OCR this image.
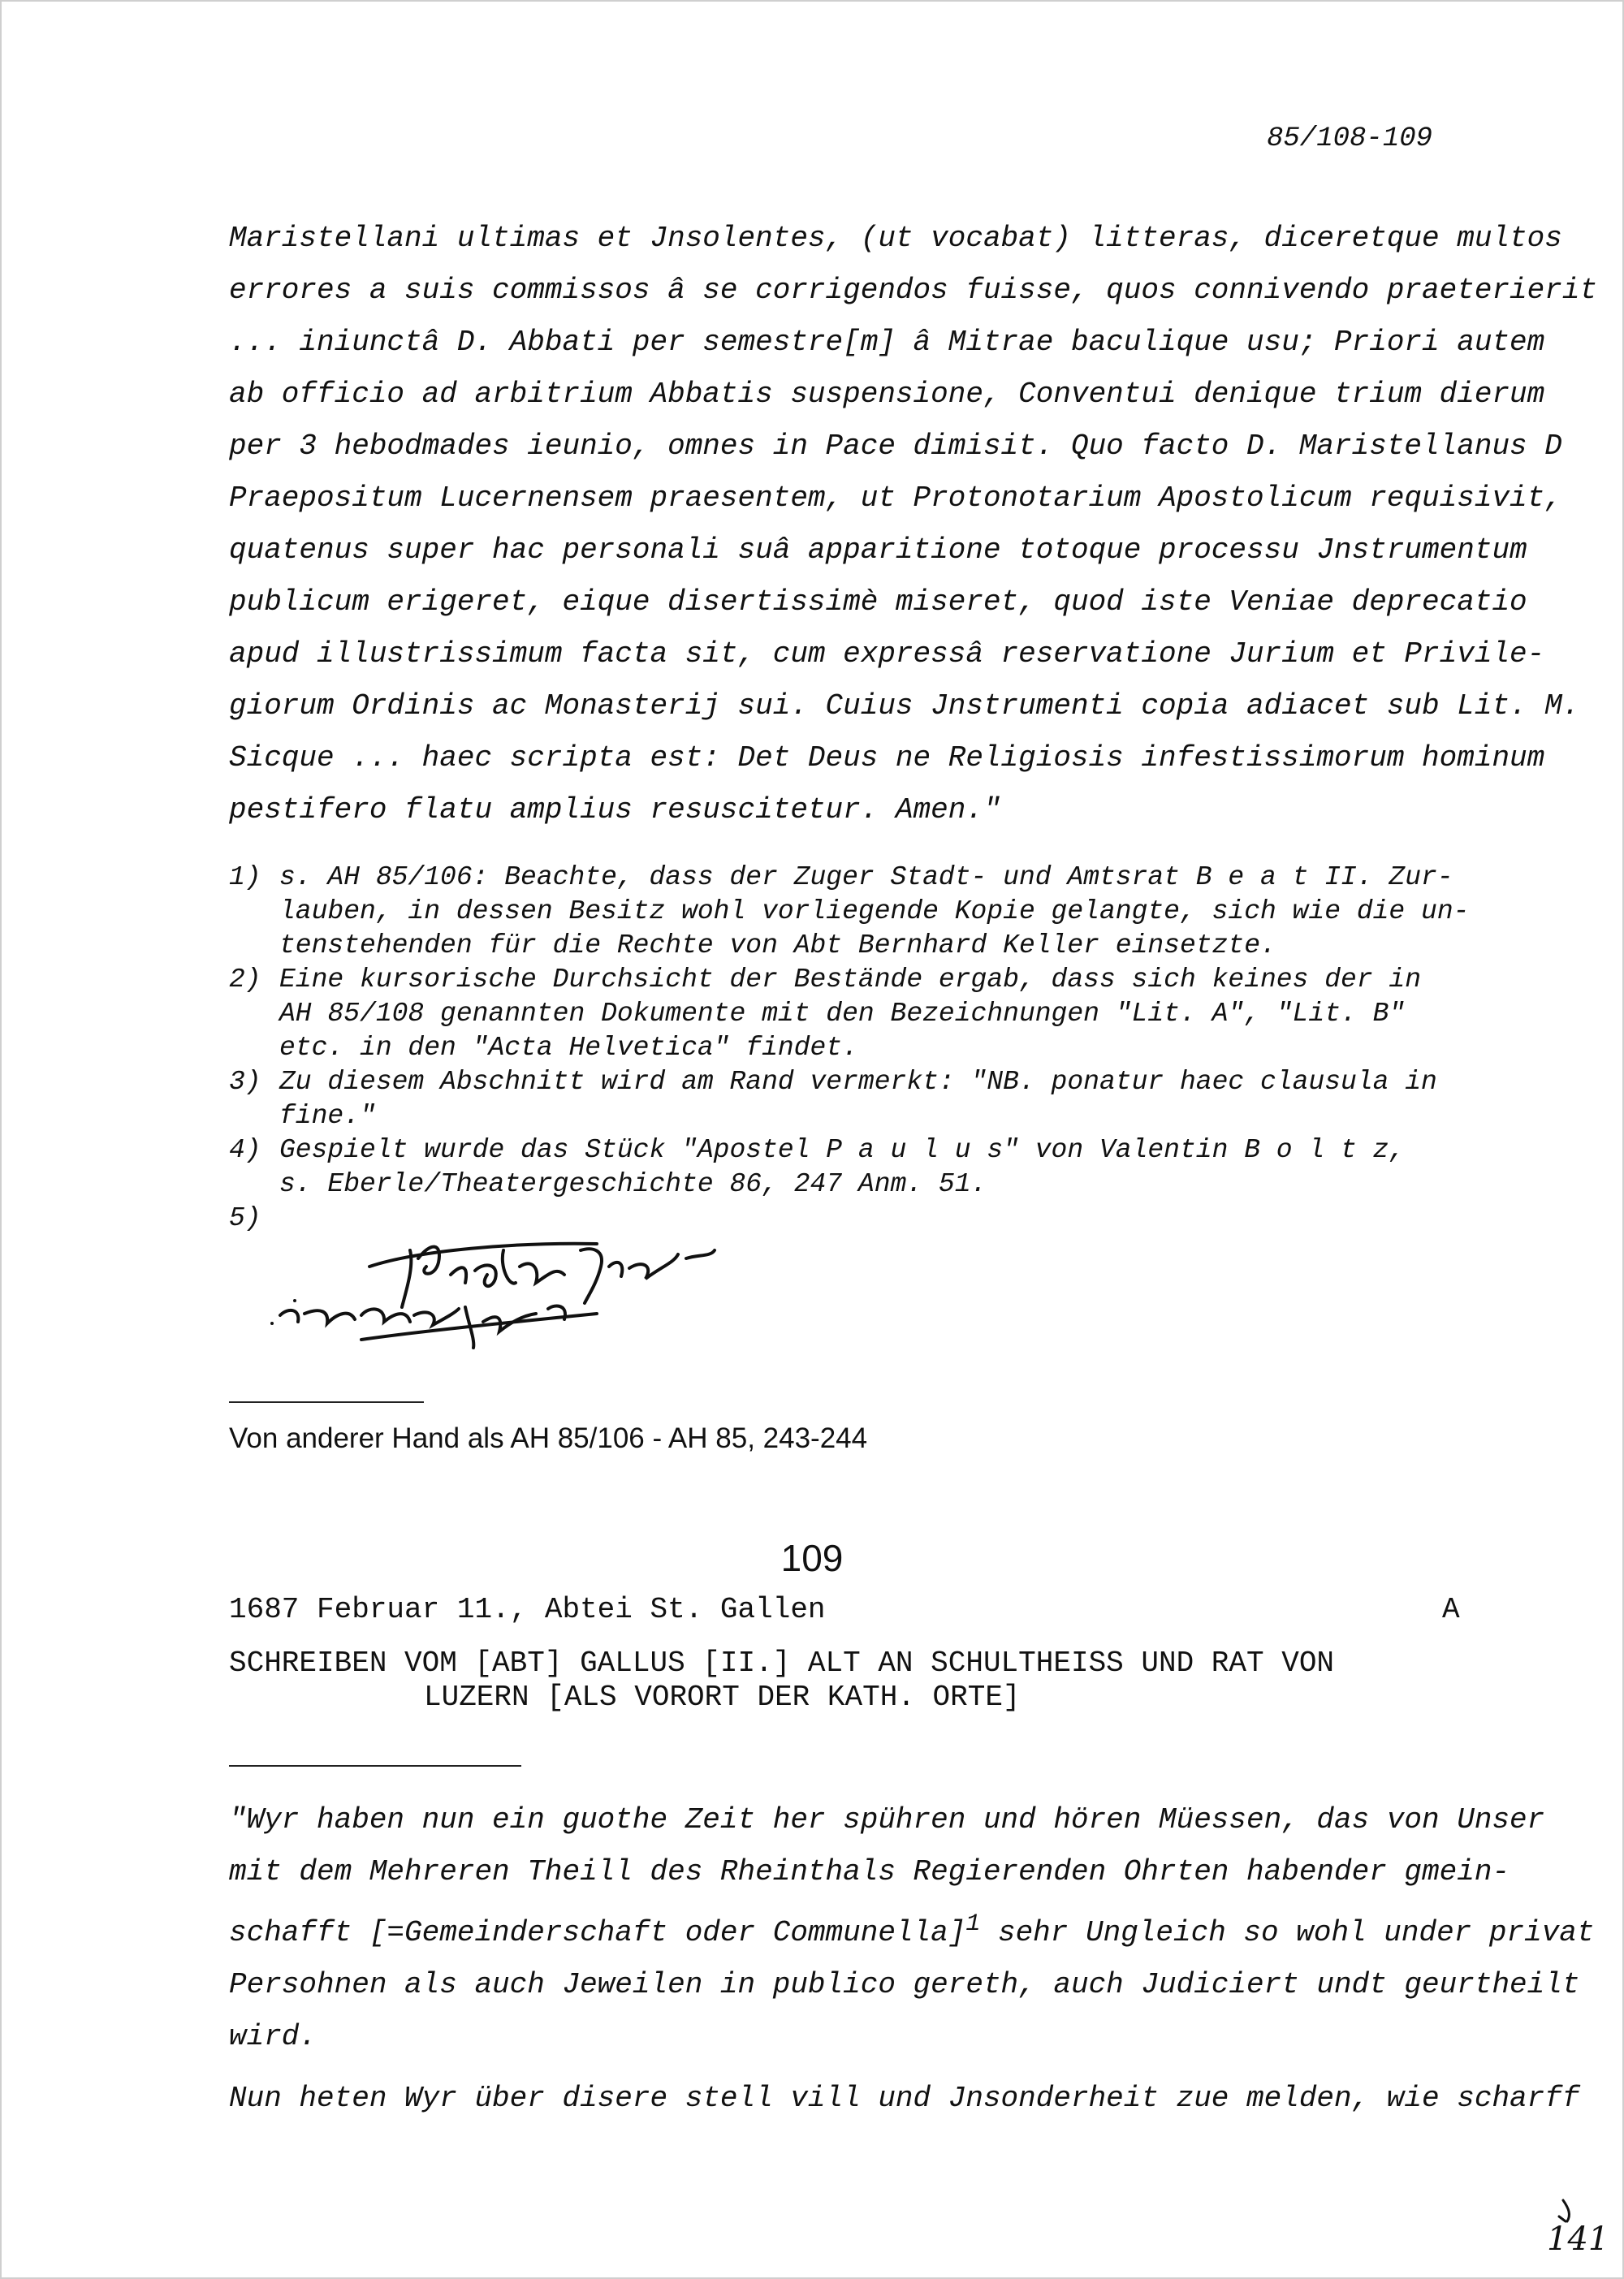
85/108-109
Maristellani ultimas et Jnsolentes, (ut vocabat) litteras, diceretque multos
errores a suis commissos â se corrigendos fuisse, quos connivendo praeterierit
... iniunctâ D. Abbati per semestre[m] â Mitrae baculique usu; Priori autem
ab officio ad arbitrium Abbatis suspensione, Conventui denique trium dierum
per 3 hebodmades ieunio, omnes in Pace dimisit. Quo facto D. Maristellanus D
Praepositum Lucernensem praesentem, ut Protonotarium Apostolicum requisivit,
quatenus super hac personali suâ apparitione totoque processu Jnstrumentum
publicum erigeret, eique disertissimè miseret, quod iste Veniae deprecatio
apud illustrissimum facta sit, cum expressâ reservatione Jurium et Privile-
giorum Ordinis ac Monasterij sui. Cuius Jnstrumenti copia adiacet sub Lit. M.
Sicque ... haec scripta est: Det Deus ne Religiosis infestissimorum hominum
pestifero flatu amplius resuscitetur. Amen."
1) s. AH 85/106: Beachte, dass der Zuger Stadt- und Amtsrat B e a t II. Zur-
lauben, in dessen Besitz wohl vorliegende Kopie gelangte, sich wie die un-
tenstehenden für die Rechte von Abt Bernhard Keller einsetzte.
2) Eine kursorische Durchsicht der Bestände ergab, dass sich keines der in
AH 85/108 genannten Dokumente mit den Bezeichnungen "Lit. A", "Lit. B"
etc. in den "Acta Helvetica" findet.
3) Zu diesem Abschnitt wird am Rand vermerkt: "NB. ponatur haec clausula in
fine."
4) Gespielt wurde das Stück "Apostel P a u l u s" von Valentin B o l t z,
s. Eberle/Theatergeschichte 86, 247 Anm. 51.
5)

Von anderer Hand als AH 85/106 - AH 85, 243-244
109
1687 Februar 11., Abtei St. Gallen	A
SCHREIBEN VOM [ABT] GALLUS [II.] ALT AN SCHULTHEISS UND RAT VON
LUZERN [ALS VORORT DER KATH. ORTE]
"Wyr haben nun ein guothe Zeit her spühren und hören Müessen, das von Unser
mit dem Mehreren Theill des Rheinthals Regierenden Ohrten habender gmein-
schafft [=Gemeinderschaft oder Communella]$^1$ sehr Ungleich so wohl under privat
Persohnen als auch Jeweilen in publico gereth, auch Judiciert undt geurtheilt
wird.
Nun heten Wyr über disere stell vill und Jnsonderheit zue melden, wie scharff
141
